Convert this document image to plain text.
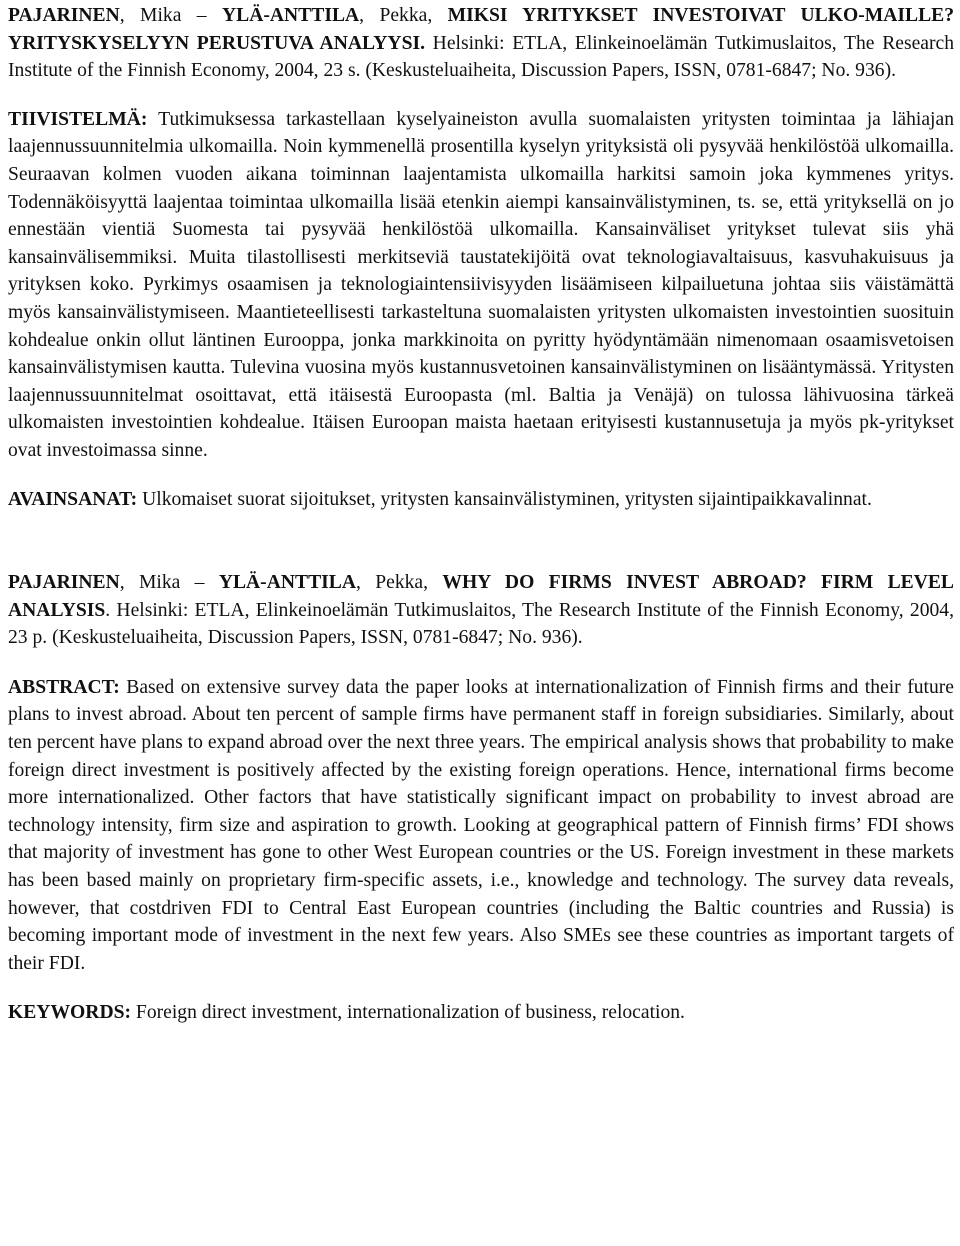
PAJARINEN, Mika – YLÄ-ANTTILA, Pekka, MIKSI YRITYKSET INVESTOIVAT ULKO-MAILLE? YRITYSKYSELYYN PERUSTUVA ANALYYSI. Helsinki: ETLA, Elinkeinoelämän Tutkimuslaitos, The Research Institute of the Finnish Economy, 2004, 23 s. (Keskusteluaiheita, Discussion Papers, ISSN, 0781-6847; No. 936).

TIIVISTELMÄ: Tutkimuksessa tarkastellaan kyselyaineiston avulla suomalaisten yritysten toimintaa ja lähiajan laajennussuunnitelmia ulkomailla. Noin kymmenellä prosentilla kyselyn yrityksistä oli pysyvää henkilöstöä ulkomailla. Seuraavan kolmen vuoden aikana toiminnan laajentamista ulkomailla harkitsi samoin joka kymmenes yritys. Todennäköisyyttä laajentaa toimintaa ulkomailla lisää etenkin aiempi kansainvälistyminen, ts. se, että yrityksellä on jo ennestään vientiä Suomesta tai pysyvää henkilöstöä ulkomailla. Kansainväliset yritykset tulevat siis yhä kansainvälisemmiksi. Muita tilastollisesti merkitseviä taustatekijöitä ovat teknologiavaltaisuus, kasvuhakuisuus ja yrityksen koko. Pyrkimys osaamisen ja teknologiaintensiivisyyden lisäämiseen kilpailuetuna johtaa siis väistämättä myös kansainvälistymiseen. Maantieteellisesti tarkasteltuna suomalaisten yritysten ulkomaisten investointien suosituin kohdealue onkin ollut läntinen Eurooppa, jonka markkinoita on pyritty hyödyntämään nimenomaan osaamisvetoisen kansainvälistymisen kautta. Tulevina vuosina myös kustannusvetoinen kansainvälistyminen on lisääntymässä. Yritysten laajennussuunnitelmat osoittavat, että itäisestä Euroopasta (ml. Baltia ja Venäjä) on tulossa lähivuosina tärkeä ulkomaisten investointien kohdealue. Itäisen Euroopan maista haetaan erityisesti kustannusetuja ja myös pk-yritykset ovat investoimassa sinne.

AVAINSANAT: Ulkomaiset suorat sijoitukset, yritysten kansainvälistyminen, yritysten sijaintipaikkavalinnat.

PAJARINEN, Mika – YLÄ-ANTTILA, Pekka, WHY DO FIRMS INVEST ABROAD? FIRM LEVEL ANALYSIS. Helsinki: ETLA, Elinkeinoelämän Tutkimuslaitos, The Research Institute of the Finnish Economy, 2004, 23 p. (Keskusteluaiheita, Discussion Papers, ISSN, 0781-6847; No. 936).

ABSTRACT: Based on extensive survey data the paper looks at internationalization of Finnish firms and their future plans to invest abroad. About ten percent of sample firms have permanent staff in foreign subsidiaries. Similarly, about ten percent have plans to expand abroad over the next three years. The empirical analysis shows that probability to make foreign direct investment is positively affected by the existing foreign operations. Hence, international firms become more internationalized. Other factors that have statistically significant impact on probability to invest abroad are technology intensity, firm size and aspiration to growth. Looking at geographical pattern of Finnish firms’ FDI shows that majority of investment has gone to other West European countries or the US. Foreign investment in these markets has been based mainly on proprietary firm-specific assets, i.e., knowledge and technology. The survey data reveals, however, that costdriven FDI to Central East European countries (including the Baltic countries and Russia) is becoming important mode of investment in the next few years. Also SMEs see these countries as important targets of their FDI.

KEYWORDS: Foreign direct investment, internationalization of business, relocation.
